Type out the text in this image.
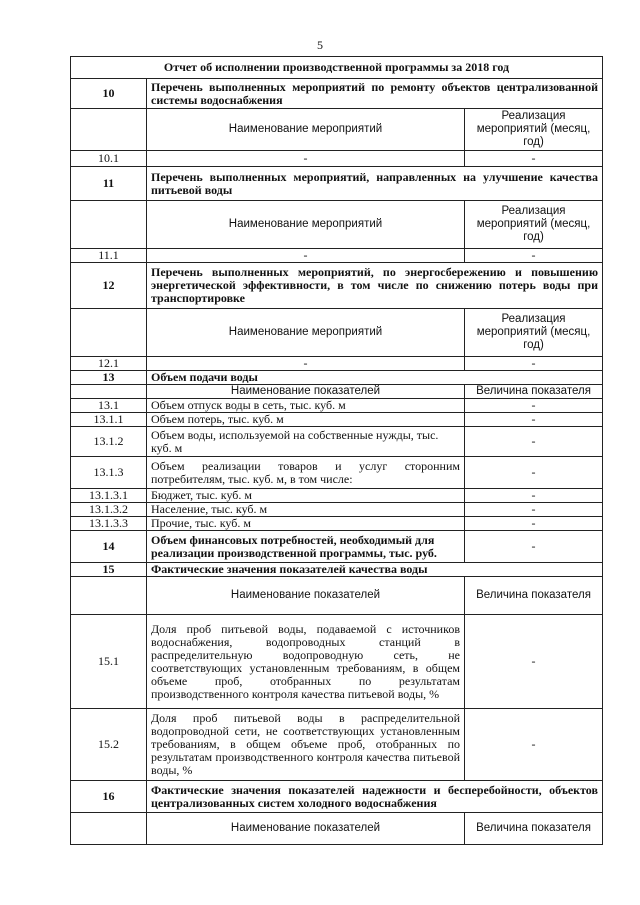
5
Отчет об исполнении производственной программы за 2018 год		
10	Перечень выполненных мероприятий по ремонту объектов централизованной системы водоснабжения	
	Наименование мероприятий	Реализация мероприятий (месяц, год)
10.1	-	-
11	Перечень выполненных мероприятий, направленных на улучшение качества питьевой воды	
	Наименование мероприятий	Реализация мероприятий (месяц, год)
11.1	-	-
12	Перечень выполненных мероприятий, по энергосбережению и повышению энергетической эффективности, в том числе по снижению потерь воды при транспортировке	
	Наименование мероприятий	Реализация мероприятий (месяц, год)
12.1	-	-
13	Объем подачи воды	
	Наименование показателей	Величина показателя
13.1	Объем отпуск воды в сеть, тыс. куб. м	-
13.1.1	Объем потерь, тыс. куб. м	-
13.1.2	Объем воды, используемой на собственные нужды, тыс. куб. м	-
13.1.3	Объем реализации товаров и услуг сторонним потребителям, тыс. куб. м, в том числе:	-
13.1.3.1	Бюджет, тыс. куб. м	-
13.1.3.2	Население, тыс. куб. м	-
13.1.3.3	Прочие, тыс. куб. м	-
14	Объем финансовых потребностей, необходимый для реализации производственной программы, тыс. руб.	-
15	Фактические значения показателей качества воды	
	Наименование показателей	Величина показателя
15.1	Доля проб питьевой воды, подаваемой с источников водоснабжения, водопроводных станций в распределительную водопроводную сеть, не соответствующих установленным требованиям, в общем объеме проб, отобранных по результатам производственного контроля качества питьевой воды, %	-
15.2	Доля проб питьевой воды в распределительной водопроводной сети, не соответствующих установленным требованиям, в общем объеме проб, отобранных по результатам производственного контроля качества питьевой воды, %	-
16	Фактические значения показателей надежности и бесперебойности, объектов централизованных систем холодного водоснабжения	
	Наименование показателей	Величина показателя
